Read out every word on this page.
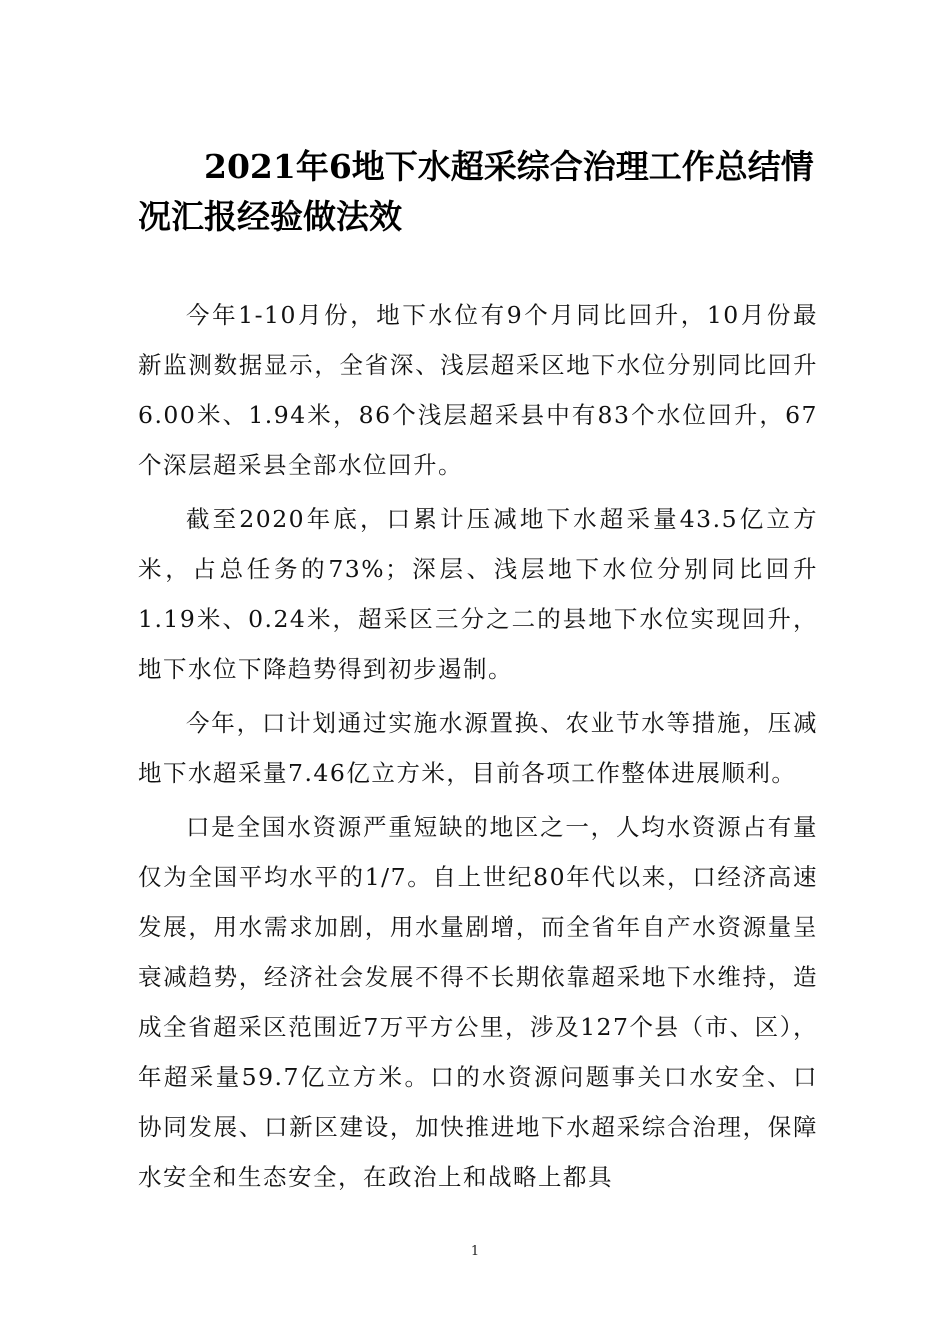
2021年6地下水超采综合治理工作总结情况汇报经验做法效

今年1-10月份，地下水位有9个月同比回升，10月份最新监测数据显示，全省深、浅层超采区地下水位分别同比回升6.00米、1.94米，86个浅层超采县中有83个水位回升，67个深层超采县全部水位回升。

截至2020年底，口累计压减地下水超采量43.5亿立方米，占总任务的73%；深层、浅层地下水位分别同比回升1.19米、0.24米，超采区三分之二的县地下水位实现回升，地下水位下降趋势得到初步遏制。

今年，口计划通过实施水源置换、农业节水等措施，压减地下水超采量7.46亿立方米，目前各项工作整体进展顺利。

口是全国水资源严重短缺的地区之一，人均水资源占有量仅为全国平均水平的1/7。自上世纪80年代以来，口经济高速发展，用水需求加剧，用水量剧增，而全省年自产水资源量呈衰减趋势，经济社会发展不得不长期依靠超采地下水维持，造成全省超采区范围近7万平方公里，涉及127个县（市、区），年超采量59.7亿立方米。口的水资源问题事关口水安全、口协同发展、口新区建设，加快推进地下水超采综合治理，保障水安全和生态安全，在政治上和战略上都具

1
